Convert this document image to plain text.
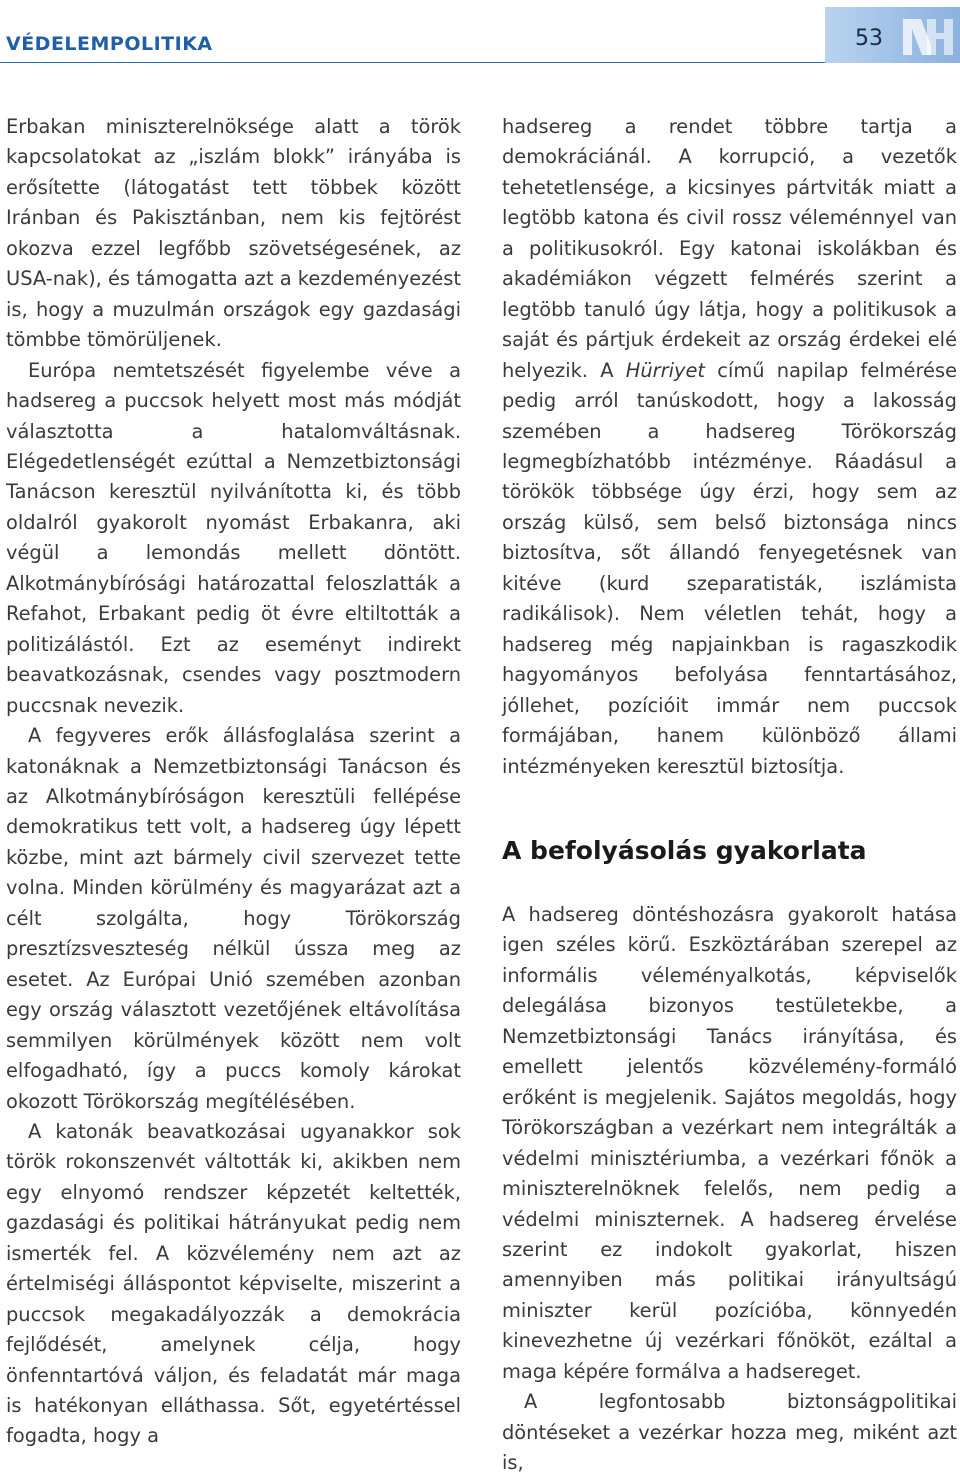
VÉDELEMPOLITIKA	53

Erbakan miniszterelnöksége alatt a török kapcsolatokat az „iszlám blokk” irányába is erősítette (látogatást tett többek között Iránban és Pakisztánban, nem kis fejtörést okozva ezzel legfőbb szövetségesének, az USA-nak), és támogatta azt a kezdeményezést is, hogy a muzulmán országok egy gazdasági tömbbe tömörüljenek.

Európa nemtetszését figyelembe véve a hadsereg a puccsok helyett most más módját választotta a hatalomváltásnak. Elégedetlenségét ezúttal a Nemzetbiztonsági Tanácson keresztül nyilvánította ki, és több oldalról gyakorolt nyomást Erbakanra, aki végül a lemondás mellett döntött. Alkotmánybírósági határozattal feloszlatták a Refahot, Erbakant pedig öt évre eltiltották a politizálástól. Ezt az eseményt indirekt beavatkozásnak, csendes vagy posztmodern puccsnak nevezik.

A fegyveres erők állásfoglalása szerint a katonáknak a Nemzetbiztonsági Tanácson és az Alkotmánybíróságon keresztüli fellépése demokratikus tett volt, a hadsereg úgy lépett közbe, mint azt bármely civil szervezet tette volna. Minden körülmény és magyarázat azt a célt szolgálta, hogy Törökország presztízsveszteség nélkül ússza meg az esetet. Az Európai Unió szemében azonban egy ország választott vezetőjének eltávolítása semmilyen körülmények között nem volt elfogadható, így a puccs komoly károkat okozott Törökország megítélésében.

A katonák beavatkozásai ugyanakkor sok török rokonszenvét váltották ki, akikben nem egy elnyomó rendszer képzetét keltették, gazdasági és politikai hátrányukat pedig nem ismerték fel. A közvélemény nem azt az értelmiségi álláspontot képviselte, miszerint a puccsok megakadályozzák a demokrácia fejlődését, amelynek célja, hogy önfenntartóvá váljon, és feladatát már maga is hatékonyan elláthassa. Sőt, egyetértéssel fogadta, hogy a

hadsereg a rendet többre tartja a demokráciánál. A korrupció, a vezetők tehetetlensége, a kicsinyes pártviták miatt a legtöbb katona és civil rossz véleménnyel van a politikusokról. Egy katonai iskolákban és akadémiákon végzett felmérés szerint a legtöbb tanuló úgy látja, hogy a politikusok a saját és pártjuk érdekeit az ország érdekei elé helyezik. A Hürriyet című napilap felmérése pedig arról tanúskodott, hogy a lakosság szemében a hadsereg Törökország legmegbízhatóbb intézménye. Ráadásul a törökök többsége úgy érzi, hogy sem az ország külső, sem belső biztonsága nincs biztosítva, sőt állandó fenyegetésnek van kitéve (kurd szeparatisták, iszlámista radikálisok). Nem véletlen tehát, hogy a hadsereg még napjainkban is ragaszkodik hagyományos befolyása fenntartásához, jóllehet, pozícióit immár nem puccsok formájában, hanem különböző állami intézményeken keresztül biztosítja.

A befolyásolás gyakorlata

A hadsereg döntéshozásra gyakorolt hatása igen széles körű. Eszköztárában szerepel az informális véleményalkotás, képviselők delegálása bizonyos testületekbe, a Nemzetbiztonsági Tanács irányítása, és emellett jelentős közvélemény-formáló erőként is megjelenik. Sajátos megoldás, hogy Törökországban a vezérkart nem integrálták a védelmi minisztériumba, a vezérkari főnök a miniszterelnöknek felelős, nem pedig a védelmi miniszternek. A hadsereg érvelése szerint ez indokolt gyakorlat, hiszen amennyiben más politikai irányultságú miniszter kerül pozícióba, könnyedén kinevezhetne új vezérkari főnököt, ezáltal a maga képére formálva a hadsereget.

A legfontosabb biztonságpolitikai döntéseket a vezérkar hozza meg, miként azt is,
